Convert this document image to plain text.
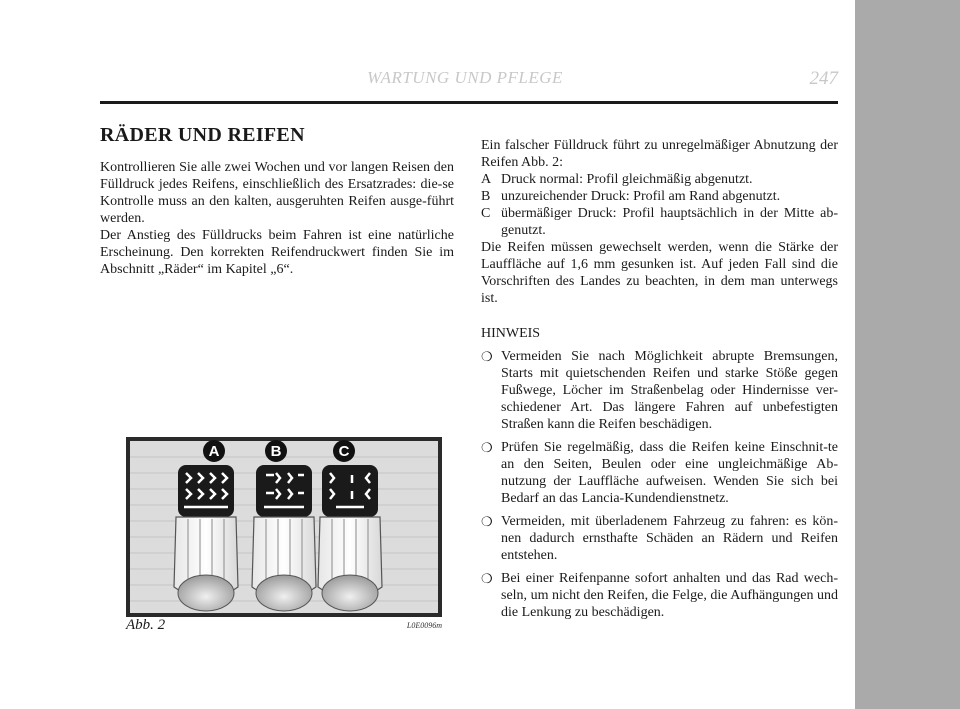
WARTUNG UND PFLEGE	247
RÄDER UND REIFEN

Kontrollieren Sie alle zwei Wochen und vor langen Reisen den Fülldruck jedes Reifens, einschließlich des Ersatzrades: die-se Kontrolle muss an den kalten, ausgeruhten Reifen ausge-führt werden.

Der Anstieg des Fülldrucks beim Fahren ist eine natürliche Erscheinung. Den korrekten Reifendruckwert finden Sie im Abschnitt „Räder“ im Kapitel „6“.

A	B	C
Abb. 2	L0E0096m

Ein falscher Fülldruck führt zu unregelmäßiger Abnutzung der Reifen Abb. 2:

A Druck normal: Profil gleichmäßig abgenutzt.
B unzureichender Druck: Profil am Rand abgenutzt.
C übermäßiger Druck: Profil hauptsächlich in der Mitte ab-genutzt.

Die Reifen müssen gewechselt werden, wenn die Stärke der Lauffläche auf 1,6 mm gesunken ist. Auf jeden Fall sind die Vorschriften des Landes zu beachten, in dem man unterwegs ist.

HINWEIS
❍ Vermeiden Sie nach Möglichkeit abrupte Bremsungen, Starts mit quietschenden Reifen und starke Stöße gegen Fußwege, Löcher im Straßenbelag oder Hindernisse ver-schiedener Art. Das längere Fahren auf unbefestigten Straßen kann die Reifen beschädigen.
❍ Prüfen Sie regelmäßig, dass die Reifen keine Einschnit-te an den Seiten, Beulen oder eine ungleichmäßige Ab-nutzung der Lauffläche aufweisen. Wenden Sie sich bei Bedarf an das Lancia-Kundendienstnetz.
❍ Vermeiden, mit überladenem Fahrzeug zu fahren: es kön-nen dadurch ernsthafte Schäden an Rädern und Reifen entstehen.
❍ Bei einer Reifenpanne sofort anhalten und das Rad wech-seln, um nicht den Reifen, die Felge, die Aufhängungen und die Lenkung zu beschädigen.
